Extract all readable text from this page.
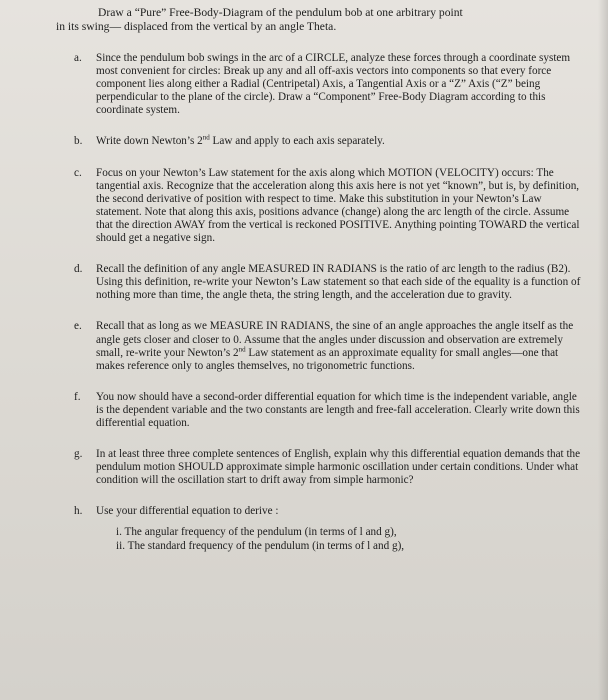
Draw a “Pure” Free-Body-Diagram of the pendulum bob at one arbitrary point
in its swing— displaced from the vertical by an angle Theta.
a. Since the pendulum bob swings in the arc of a CIRCLE, analyze these forces through a coordinate system most convenient for circles: Break up any and all off-axis vectors into components so that every force component lies along either a Radial (Centripetal) Axis, a Tangential Axis or a “Z” Axis (“Z” being perpendicular to the plane of the circle). Draw a “Component” Free-Body Diagram according to this coordinate system.
b. Write down Newton’s 2nd Law and apply to each axis separately.
c. Focus on your Newton’s Law statement for the axis along which MOTION (VELOCITY) occurs: The tangential axis. Recognize that the acceleration along this axis here is not yet “known”, but is, by definition, the second derivative of position with respect to time. Make this substitution in your Newton’s Law statement. Note that along this axis, positions advance (change) along the arc length of the circle. Assume that the direction AWAY from the vertical is reckoned POSITIVE. Anything pointing TOWARD the vertical should get a negative sign.
d. Recall the definition of any angle MEASURED IN RADIANS is the ratio of arc length to the radius (B2). Using this definition, re-write your Newton’s Law statement so that each side of the equality is a function of nothing more than time, the angle theta, the string length, and the acceleration due to gravity.
e. Recall that as long as we MEASURE IN RADIANS, the sine of an angle approaches the angle itself as the angle gets closer and closer to 0. Assume that the angles under discussion and observation are extremely small, re-write your Newton’s 2nd Law statement as an approximate equality for small angles—one that makes reference only to angles themselves, no trigonometric functions.
f. You now should have a second-order differential equation for which time is the independent variable, angle is the dependent variable and the two constants are length and free-fall acceleration. Clearly write down this differential equation.
g. In at least three three complete sentences of English, explain why this differential equation demands that the pendulum motion SHOULD approximate simple harmonic oscillation under certain conditions. Under what condition will the oscillation start to drift away from simple harmonic?
h. Use your differential equation to derive :
i. The angular frequency of the pendulum (in terms of l and g),
ii. The standard frequency of the pendulum (in terms of l and g),
